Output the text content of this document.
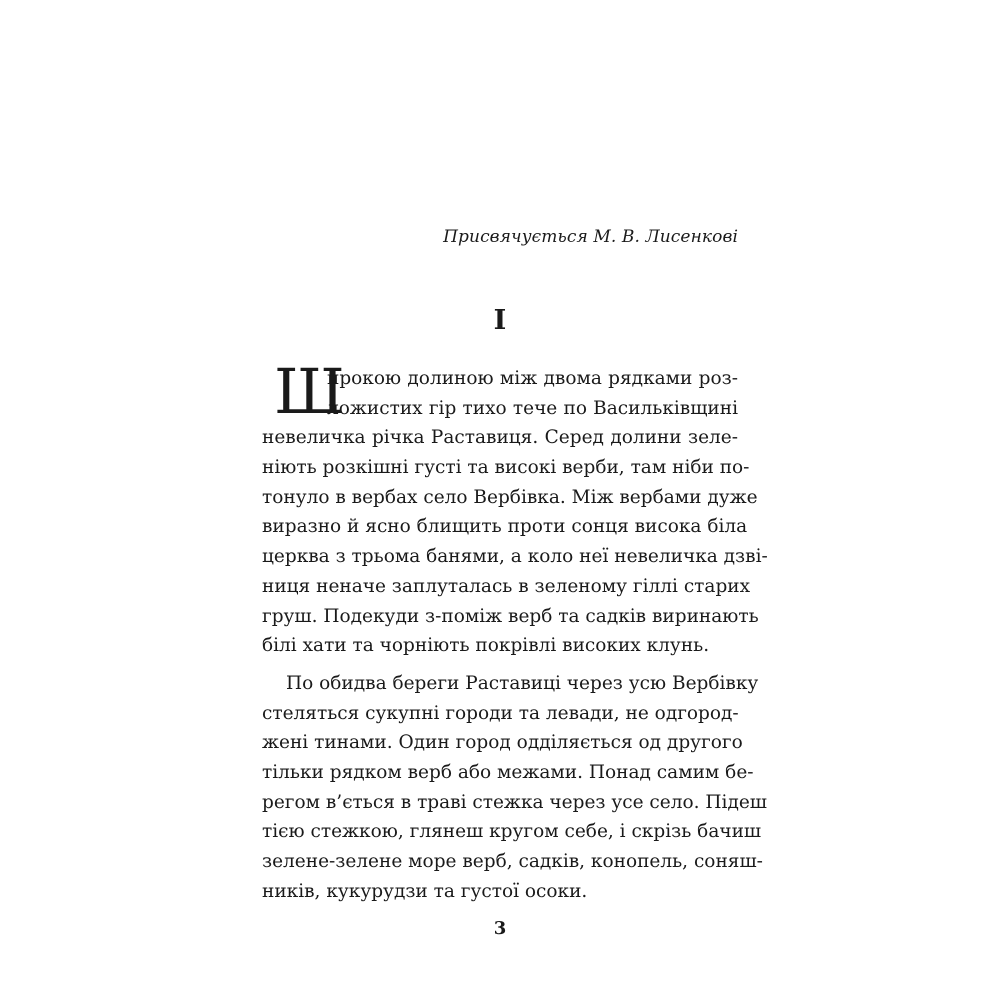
Присвячується М. В. Лисенкові
I
Ш
ирокою долиною між двома рядками роз-
ложистих гір тихо тече по Васильківщині
невеличка річка Раставиця. Серед долини зеле-
ніють розкішні густі та високі верби, там ніби по-
тонуло в вербах село Вербівка. Між вербами дуже
виразно й ясно блищить проти сонця висока біла
церква з трьома банями, а коло неї невеличка дзві-
ниця неначе заплуталась в зеленому гіллі старих
груш. Подекуди з-поміж верб та садків виринають
білі хати та чорніють покрівлі високих клунь.
По обидва береги Раставиці через усю Вербівку
стеляться сукупні городи та левади, не одгород-
жені тинами. Один город одділяється од другого
тільки рядком верб або межами. Понад самим бе-
регом в’ється в траві стежка через усе село. Підеш
тією стежкою, глянеш кругом себе, і скрізь бачиш
зелене-зелене море верб, садків, конопель, соняш-
ників, кукурудзи та густої осоки.
3
